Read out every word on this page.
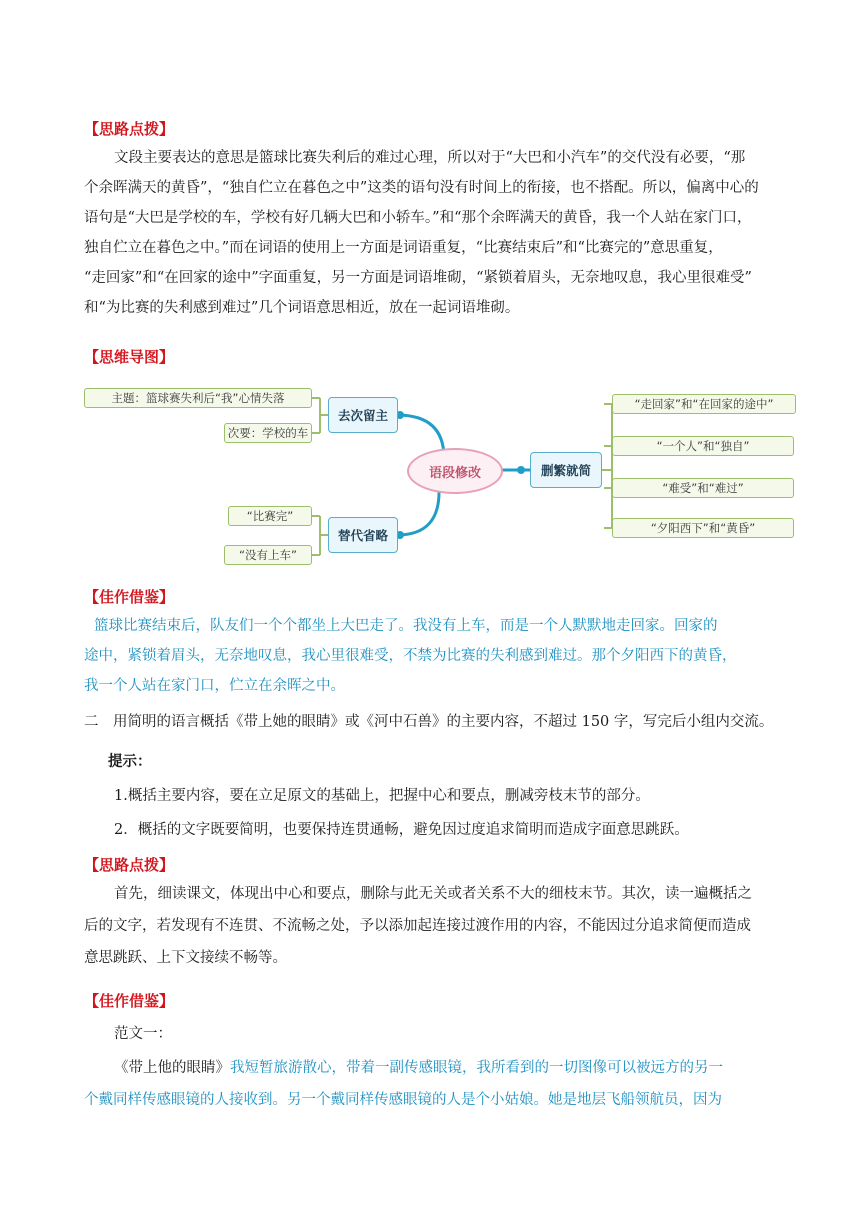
【思路点拨】
文段主要表达的意思是篮球比赛失利后的难过心理，所以对于“大巴和小汽车”的交代没有必要，“那
个余晖满天的黄昏”，“独自伫立在暮色之中”这类的语句没有时间上的衔接，也不搭配。所以，偏离中心的
语句是“大巴是学校的车，学校有好几辆大巴和小轿车。”和“那个余晖满天的黄昏，我一个人站在家门口，
独自伫立在暮色之中。”而在词语的使用上一方面是词语重复，“比赛结束后”和“比赛完的”意思重复，
“走回家”和“在回家的途中”字面重复，另一方面是词语堆砌，“紧锁着眉头，无奈地叹息，我心里很难受”
和“为比赛的失利感到难过”几个词语意思相近，放在一起词语堆砌。
【思维导图】
主题：篮球赛失利后“我”心情失落
次要：学校的车
去次留主
“比赛完”
“没有上车”
替代省略
语段修改	删繁就简
“走回家”和“在回家的途中”
“一个人”和“独自”
“难受”和“难过”
“夕阳西下”和“黄昏”
【佳作借鉴】
篮球比赛结束后，队友们一个个都坐上大巴走了。我没有上车，而是一个人默默地走回家。回家的
途中，紧锁着眉头，无奈地叹息，我心里很难受，不禁为比赛的失利感到难过。那个夕阳西下的黄昏，
我一个人站在家门口，伫立在余晖之中。
二　用简明的语言概括《带上她的眼睛》或《河中石兽》的主要内容，不超过 150 字，写完后小组内交流。
提示：
1.概括主要内容，要在立足原文的基础上，把握中心和要点，删减旁枝末节的部分。
2．概括的文字既要简明，也要保持连贯通畅，避免因过度追求简明而造成字面意思跳跃。
【思路点拨】
首先，细读课文，体现出中心和要点，删除与此无关或者关系不大的细枝末节。其次，读一遍概括之
后的文字，若发现有不连贯、不流畅之处，予以添加起连接过渡作用的内容，不能因过分追求简便而造成
意思跳跃、上下文接续不畅等。
【佳作借鉴】
范文一：
《带上他的眼睛》我短暂旅游散心，带着一副传感眼镜，我所看到的一切图像可以被远方的另一
个戴同样传感眼镜的人接收到。另一个戴同样传感眼镜的人是个小姑娘。她是地层飞船领航员，因为
